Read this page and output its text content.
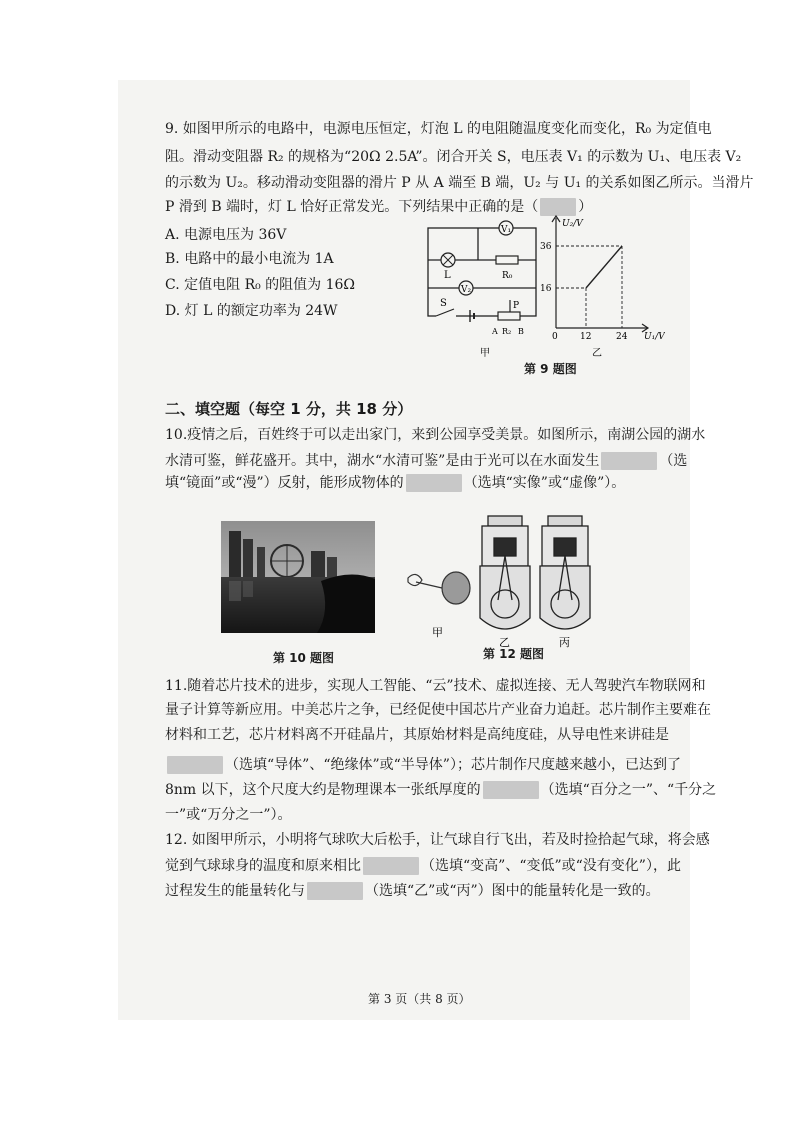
9. 如图甲所示的电路中，电源电压恒定，灯泡 L 的电阻随温度变化而变化，R₀ 为定值电
阻。滑动变阻器 R₂ 的规格为“20Ω 2.5A”。闭合开关 S，电压表 V₁ 的示数为 U₁、电压表 V₂
的示数为 U₂。移动滑动变阻器的滑片 P 从 A 端至 B 端，U₂ 与 U₁ 的关系如图乙所示。当滑片
P 滑到 B 端时，灯 L 恰好正常发光。下列结果中正确的是（	）
A. 电源电压为 36V
B. 电路中的最小电流为 1A
C. 定值电阻 R₀ 的阻值为 16Ω
D. 灯 L 的额定功率为 24W
V₁
L	R₀
V₂
S	P
A R₂ B
甲
U₂/V
36
16
0 12	24 U₁/V
乙
第 9 题图
二、填空题（每空 1 分，共 18 分）
10.疫情之后，百姓终于可以走出家门，来到公园享受美景。如图所示，南湖公园的湖水
水清可鉴，鲜花盛开。其中，湖水“水清可鉴”是由于光可以在水面发生	（选
填“镜面”或“漫”）反射，能形成物体的	（选填“实像”或“虚像”）。
第 10 题图
甲
乙	丙
第 12 题图
11.随着芯片技术的进步，实现人工智能、“云”技术、虚拟连接、无人驾驶汽车物联网和
量子计算等新应用。中美芯片之争，已经促使中国芯片产业奋力追赶。芯片制作主要难在
材料和工艺，芯片材料离不开硅晶片，其原始材料是高纯度硅，从导电性来讲硅是
（选填“导体”、“绝缘体”或“半导体”）；芯片制作尺度越来越小，已达到了
8nm 以下，这个尺度大约是物理课本一张纸厚度的	（选填“百分之一”、“千分之
一”或“万分之一”）。
12. 如图甲所示，小明将气球吹大后松手，让气球自行飞出，若及时捡拾起气球，将会感
觉到气球球身的温度和原来相比	（选填“变高”、“变低”或“没有变化”），此
过程发生的能量转化与	（选填“乙”或“丙”）图中的能量转化是一致的。
第 3 页（共 8 页）
